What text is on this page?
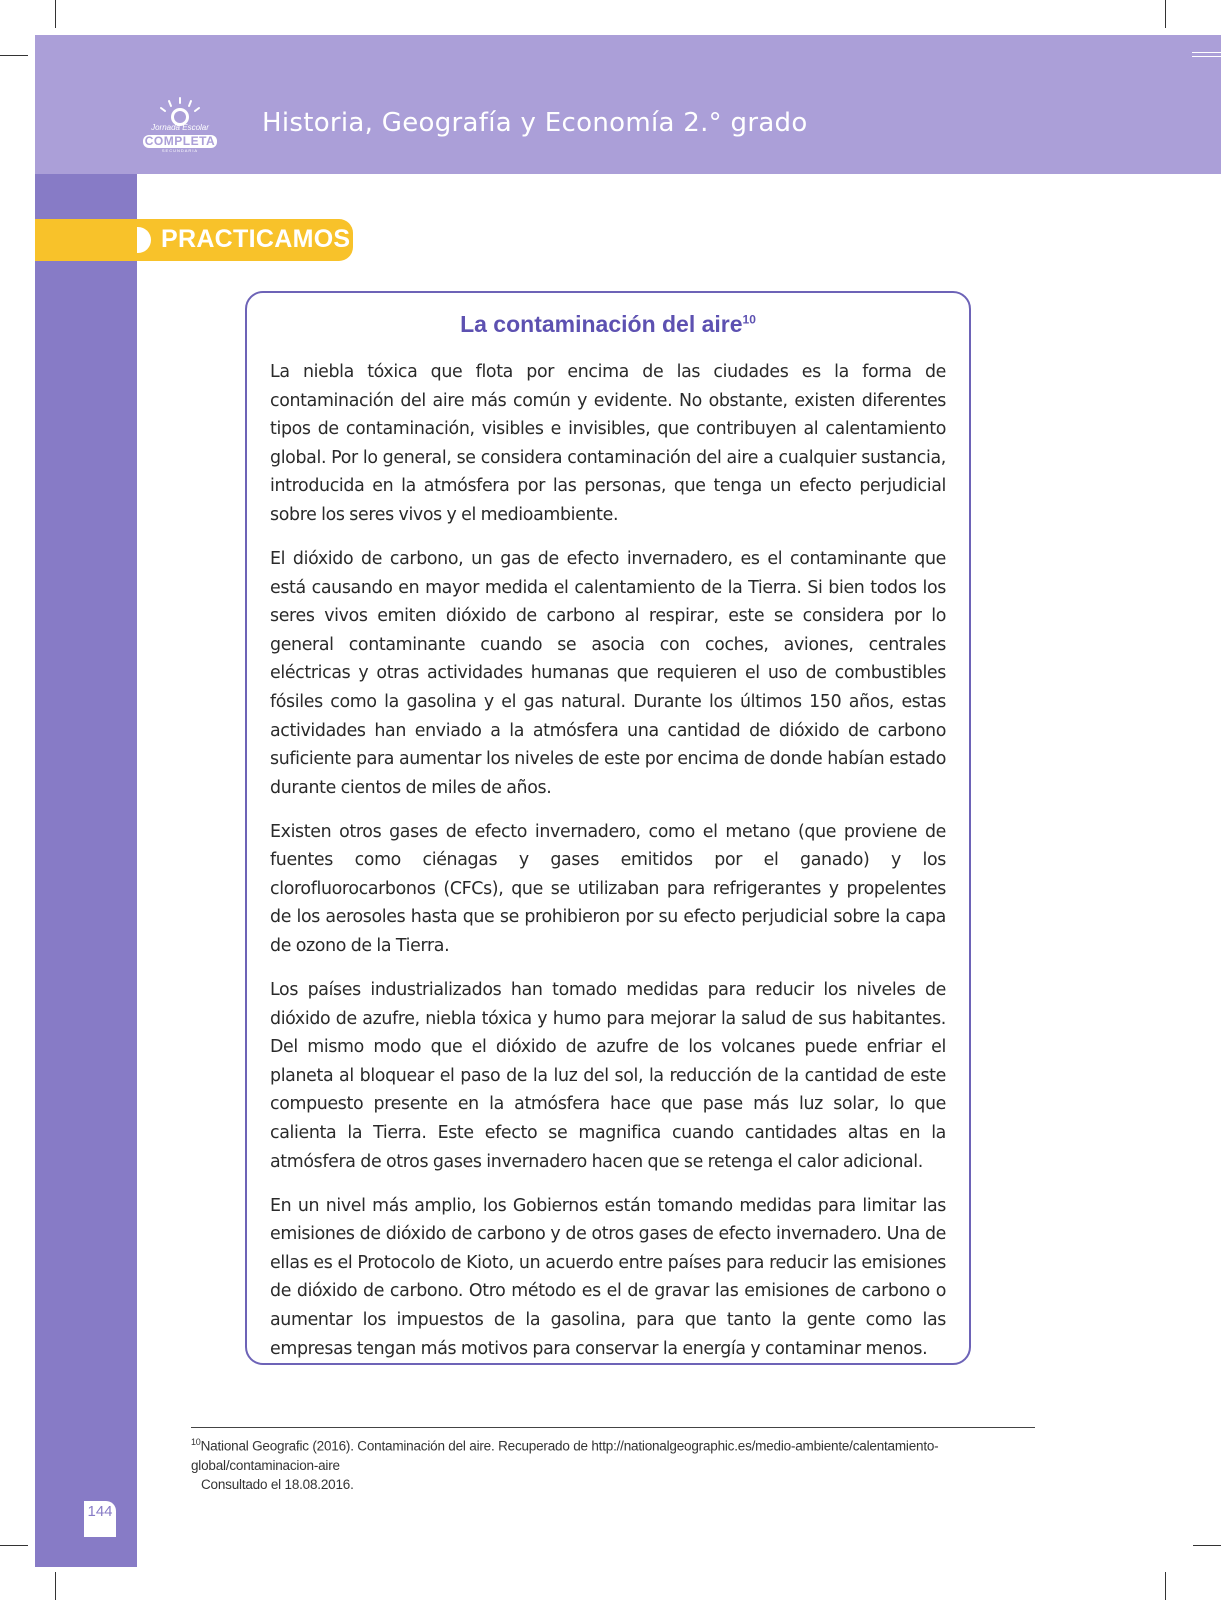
Jornada Escolar
COMPLETA
SECUNDARIA
Historia, Geografía y Economía 2.° grado
PRACTICAMOS
La contaminación del aire$^{10}$

La niebla tóxica que flota por encima de las ciudades es la forma de contaminación del aire más común y evidente. No obstante, existen diferentes tipos de contaminación, visibles e invisibles, que contribuyen al calentamiento global. Por lo general, se considera contaminación del aire a cualquier sustancia, introducida en la atmósfera por las personas, que tenga un efecto perjudicial sobre los seres vivos y el medioambiente.

El dióxido de carbono, un gas de efecto invernadero, es el contaminante que está causando en mayor medida el calentamiento de la Tierra. Si bien todos los seres vivos emiten dióxido de carbono al respirar, este se considera por lo general contaminante cuando se asocia con coches, aviones, centrales eléctricas y otras actividades humanas que requieren el uso de combustibles fósiles como la gasolina y el gas natural. Durante los últimos 150 años, estas actividades han enviado a la atmósfera una cantidad de dióxido de carbono suficiente para aumentar los niveles de este por encima de donde habían estado durante cientos de miles de años.

Existen otros gases de efecto invernadero, como el metano (que proviene de fuentes como ciénagas y gases emitidos por el ganado) y los clorofluorocarbonos (CFCs), que se utilizaban para refrigerantes y propelentes de los aerosoles hasta que se prohibieron por su efecto perjudicial sobre la capa de ozono de la Tierra.

Los países industrializados han tomado medidas para reducir los niveles de dióxido de azufre, niebla tóxica y humo para mejorar la salud de sus habitantes. Del mismo modo que el dióxido de azufre de los volcanes puede enfriar el planeta al bloquear el paso de la luz del sol, la reducción de la cantidad de este compuesto presente en la atmósfera hace que pase más luz solar, lo que calienta la Tierra. Este efecto se magnifica cuando cantidades altas en la atmósfera de otros gases invernadero hacen que se retenga el calor adicional.

En un nivel más amplio, los Gobiernos están tomando medidas para limitar las emisiones de dióxido de carbono y de otros gases de efecto invernadero. Una de ellas es el Protocolo de Kioto, un acuerdo entre países para reducir las emisiones de dióxido de carbono. Otro método es el de gravar las emisiones de carbono o aumentar los impuestos de la gasolina, para que tanto la gente como las empresas tengan más motivos para conservar la energía y contaminar menos.

$^{10}$National Geografic (2016). Contaminación del aire. Recuperado de http://nationalgeographic.es/medio-ambiente/calentamiento-global/contaminacion-aire
Consultado el 18.08.2016.
144
